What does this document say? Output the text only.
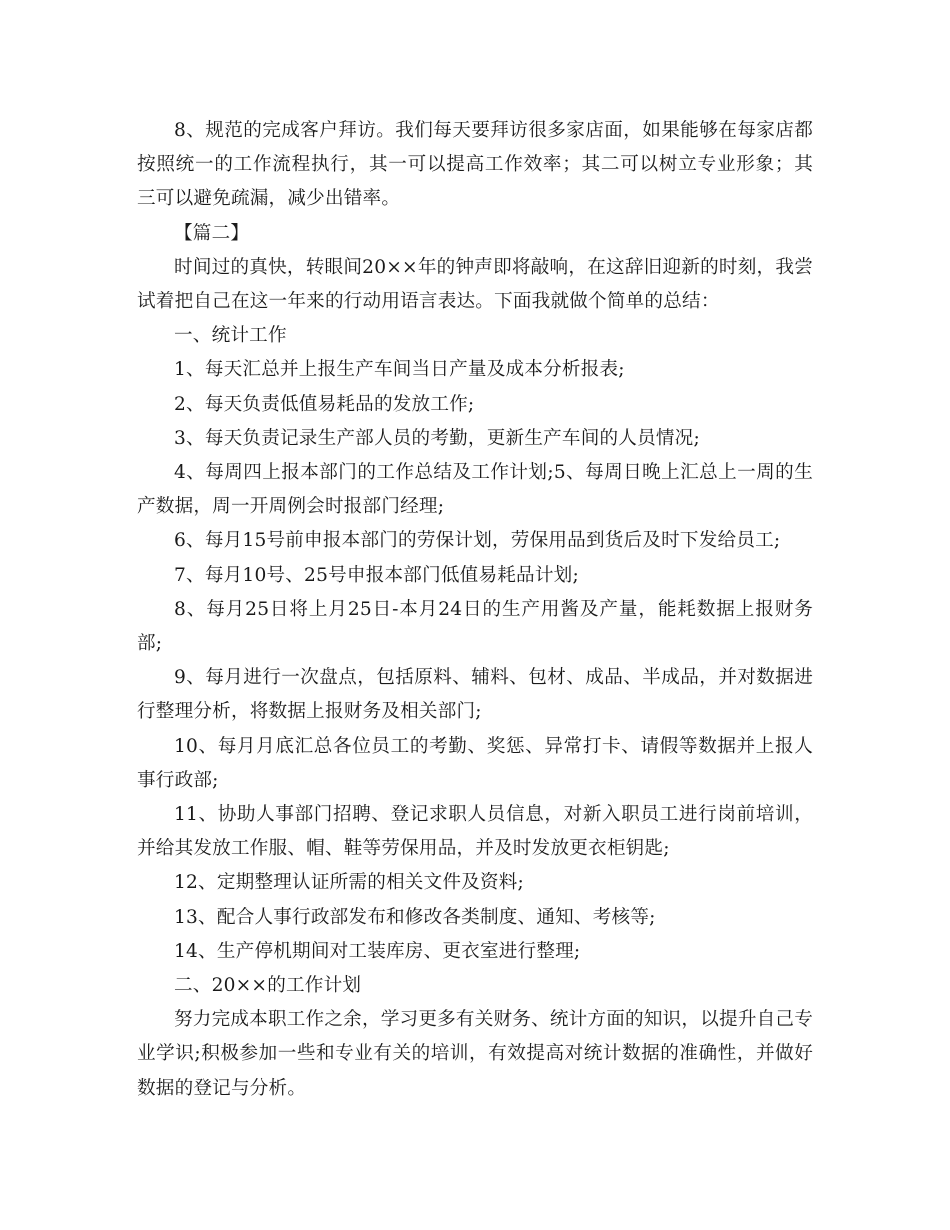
8、规范的完成客户拜访。我们每天要拜访很多家店面，如果能够在每家店都按照统一的工作流程执行，其一可以提高工作效率；其二可以树立专业形象；其三可以避免疏漏，减少出错率。

【篇二】

时间过的真快，转眼间20××年的钟声即将敲响，在这辞旧迎新的时刻，我尝试着把自己在这一年来的行动用语言表达。下面我就做个简单的总结：

一、统计工作

1、每天汇总并上报生产车间当日产量及成本分析报表;

2、每天负责低值易耗品的发放工作;

3、每天负责记录生产部人员的考勤，更新生产车间的人员情况;

4、每周四上报本部门的工作总结及工作计划;5、每周日晚上汇总上一周的生产数据，周一开周例会时报部门经理;

6、每月15号前申报本部门的劳保计划，劳保用品到货后及时下发给员工;

7、每月10号、25号申报本部门低值易耗品计划;

8、每月25日将上月25日-本月24日的生产用酱及产量，能耗数据上报财务部;

9、每月进行一次盘点，包括原料、辅料、包材、成品、半成品，并对数据进行整理分析，将数据上报财务及相关部门;

10、每月月底汇总各位员工的考勤、奖惩、异常打卡、请假等数据并上报人事行政部;

11、协助人事部门招聘、登记求职人员信息，对新入职员工进行岗前培训，并给其发放工作服、帽、鞋等劳保用品，并及时发放更衣柜钥匙;

12、定期整理认证所需的相关文件及资料;

13、配合人事行政部发布和修改各类制度、通知、考核等;

14、生产停机期间对工装库房、更衣室进行整理;

二、20××的工作计划

努力完成本职工作之余，学习更多有关财务、统计方面的知识，以提升自己专业学识;积极参加一些和专业有关的培训，有效提高对统计数据的准确性，并做好数据的登记与分析。
